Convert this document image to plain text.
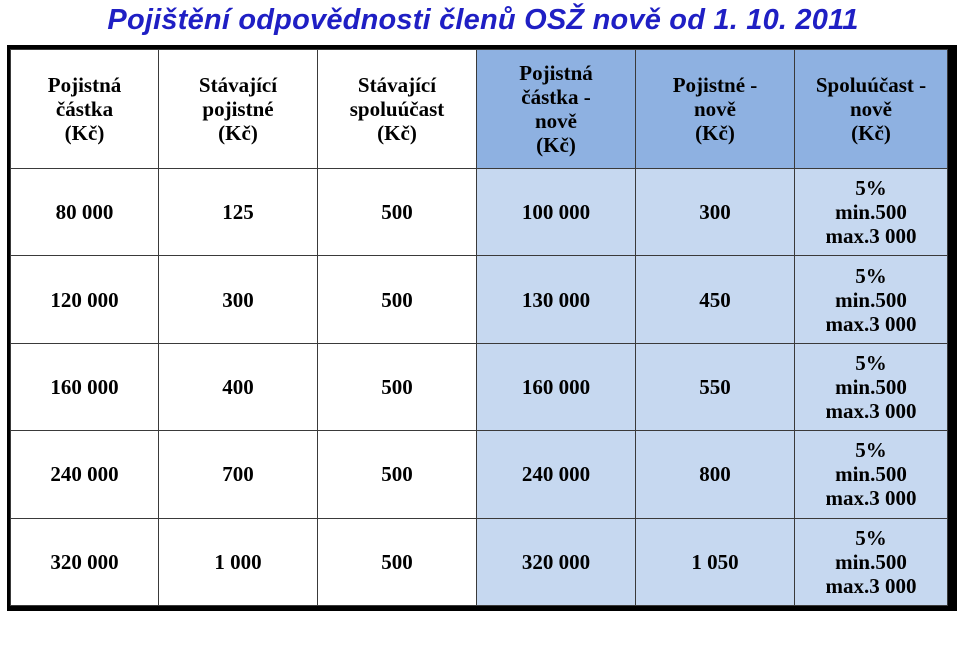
Pojištění odpovědnosti členů OSŽ nově od 1. 10. 2011
Pojistná
částka
(Kč)	Stávající
pojistné
(Kč)	Stávající
spoluúčast
(Kč)	Pojistná
částka -
nově
(Kč)	Pojistné -
nově
(Kč)	Spoluúčast -
nově
(Kč)

80 000	125	500	100 000	300	5%
min.500
max.3 000

120 000	300	500	130 000	450	5%
min.500
max.3 000

160 000	400	500	160 000	550	5%
min.500
max.3 000

240 000	700	500	240 000	800	5%
min.500
max.3 000

320 000	1 000	500	320 000	1 050	5%
min.500
max.3 000
